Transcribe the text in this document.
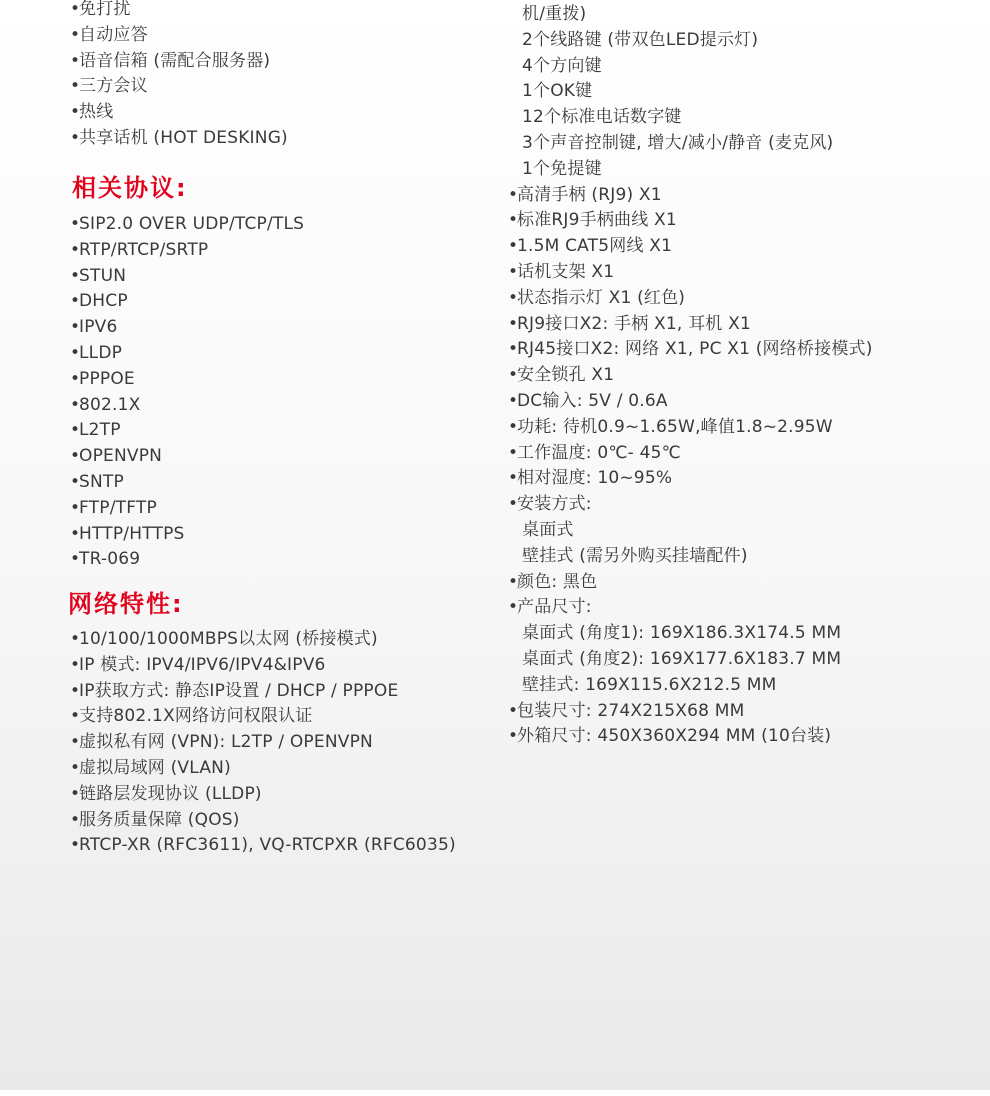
•免打扰
•自动应答
•语音信箱 (需配合服务器)
•三方会议
•热线
•共享话机 (HOT DESKING)
相关协议:
•SIP2.0 OVER UDP/TCP/TLS
•RTP/RTCP/SRTP
•STUN
•DHCP
•IPV6
•LLDP
•PPPOE
•802.1X
•L2TP
•OPENVPN
•SNTP
•FTP/TFTP
•HTTP/HTTPS
•TR-069
网络特性:
•10/100/1000MBPS以太网 (桥接模式)
•IP 模式: IPV4/IPV6/IPV4&IPV6
•IP获取方式: 静态IP设置 / DHCP / PPPOE
•支持802.1X网络访问权限认证
•虚拟私有网 (VPN): L2TP / OPENVPN
•虚拟局域网 (VLAN)
•链路层发现协议 (LLDP)
•服务质量保障 (QOS)
•RTCP-XR (RFC3611), VQ-RTCPXR (RFC6035)
机/重拨)
2个线路键 (带双色LED提示灯)
4个方向键
1个OK键
12个标准电话数字键
3个声音控制键, 增大/减小/静音 (麦克风)
1个免提键
•高清手柄 (RJ9) X1
•标准RJ9手柄曲线 X1
•1.5M CAT5网线 X1
•话机支架 X1
•状态指示灯 X1 (红色)
•RJ9接口X2: 手柄 X1, 耳机 X1
•RJ45接口X2: 网络 X1, PC X1 (网络桥接模式)
•安全锁孔 X1
•DC输入: 5V / 0.6A
•功耗: 待机0.9~1.65W,峰值1.8~2.95W
•工作温度: 0℃- 45℃
•相对湿度: 10~95%
•安装方式:
桌面式
壁挂式 (需另外购买挂墙配件)
•颜色: 黑色
•产品尺寸:
桌面式 (角度1): 169X186.3X174.5 MM
桌面式 (角度2): 169X177.6X183.7 MM
壁挂式: 169X115.6X212.5 MM
•包装尺寸: 274X215X68 MM
•外箱尺寸: 450X360X294 MM (10台装)
